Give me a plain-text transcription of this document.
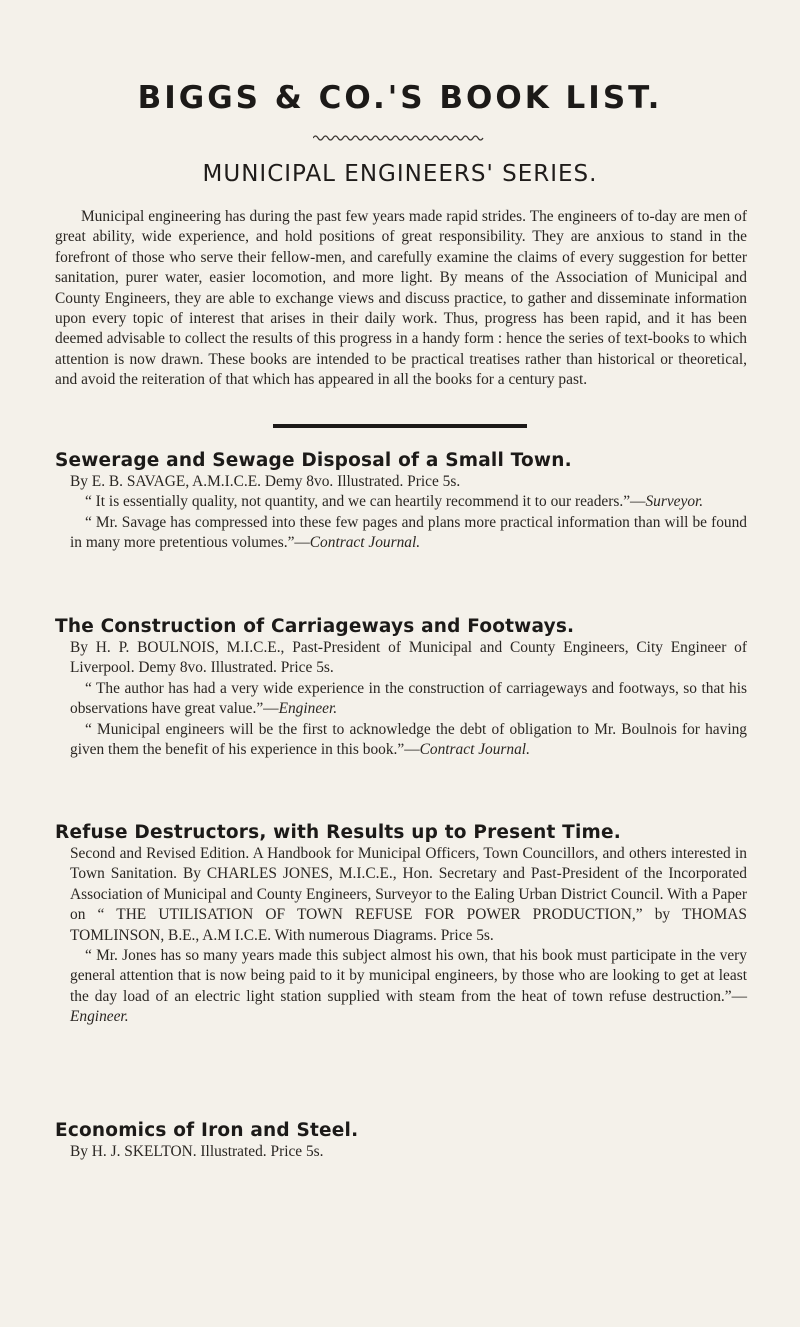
BIGGS & CO.'S BOOK LIST.
MUNICIPAL ENGINEERS' SERIES.
Municipal engineering has during the past few years made rapid strides. The engineers of to-day are men of great ability, wide experience, and hold positions of great responsibility. They are anxious to stand in the forefront of those who serve their fellow-men, and carefully examine the claims of every suggestion for better sanitation, purer water, easier locomotion, and more light. By means of the Association of Municipal and County Engineers, they are able to exchange views and discuss practice, to gather and disseminate information upon every topic of interest that arises in their daily work. Thus, progress has been rapid, and it has been deemed advisable to collect the results of this progress in a handy form : hence the series of text-books to which attention is now drawn. These books are intended to be practical treatises rather than historical or theoretical, and avoid the reiteration of that which has appeared in all the books for a century past.
Sewerage and Sewage Disposal of a Small Town.

By E. B. SAVAGE, A.M.I.C.E. Demy 8vo. Illustrated. Price 5s.

“ It is essentially quality, not quantity, and we can heartily recommend it to our readers.”—Surveyor.

“ Mr. Savage has compressed into these few pages and plans more practical information than will be found in many more pretentious volumes.”—Contract Journal.

The Construction of Carriageways and Footways.

By H. P. BOULNOIS, M.I.C.E., Past-President of Municipal and County Engineers, City Engineer of Liverpool. Demy 8vo. Illustrated. Price 5s.

“ The author has had a very wide experience in the construction of carriageways and footways, so that his observations have great value.”—Engineer.

“ Municipal engineers will be the first to acknowledge the debt of obligation to Mr. Boulnois for having given them the benefit of his experience in this book.”—Contract Journal.

Refuse Destructors, with Results up to Present Time.

Second and Revised Edition. A Handbook for Municipal Officers, Town Councillors, and others interested in Town Sanitation. By CHARLES JONES, M.I.C.E., Hon. Secretary and Past-President of the Incorporated Association of Municipal and County Engineers, Surveyor to the Ealing Urban District Council. With a Paper on “ THE UTILISATION OF TOWN REFUSE FOR POWER PRODUCTION,” by THOMAS TOMLINSON, B.E., A.M I.C.E. With numerous Diagrams. Price 5s.

“ Mr. Jones has so many years made this subject almost his own, that his book must participate in the very general attention that is now being paid to it by municipal engineers, by those who are looking to get at least the day load of an electric light station supplied with steam from the heat of town refuse destruction.”—Engineer.

Economics of Iron and Steel.

By H. J. SKELTON. Illustrated. Price 5s.
